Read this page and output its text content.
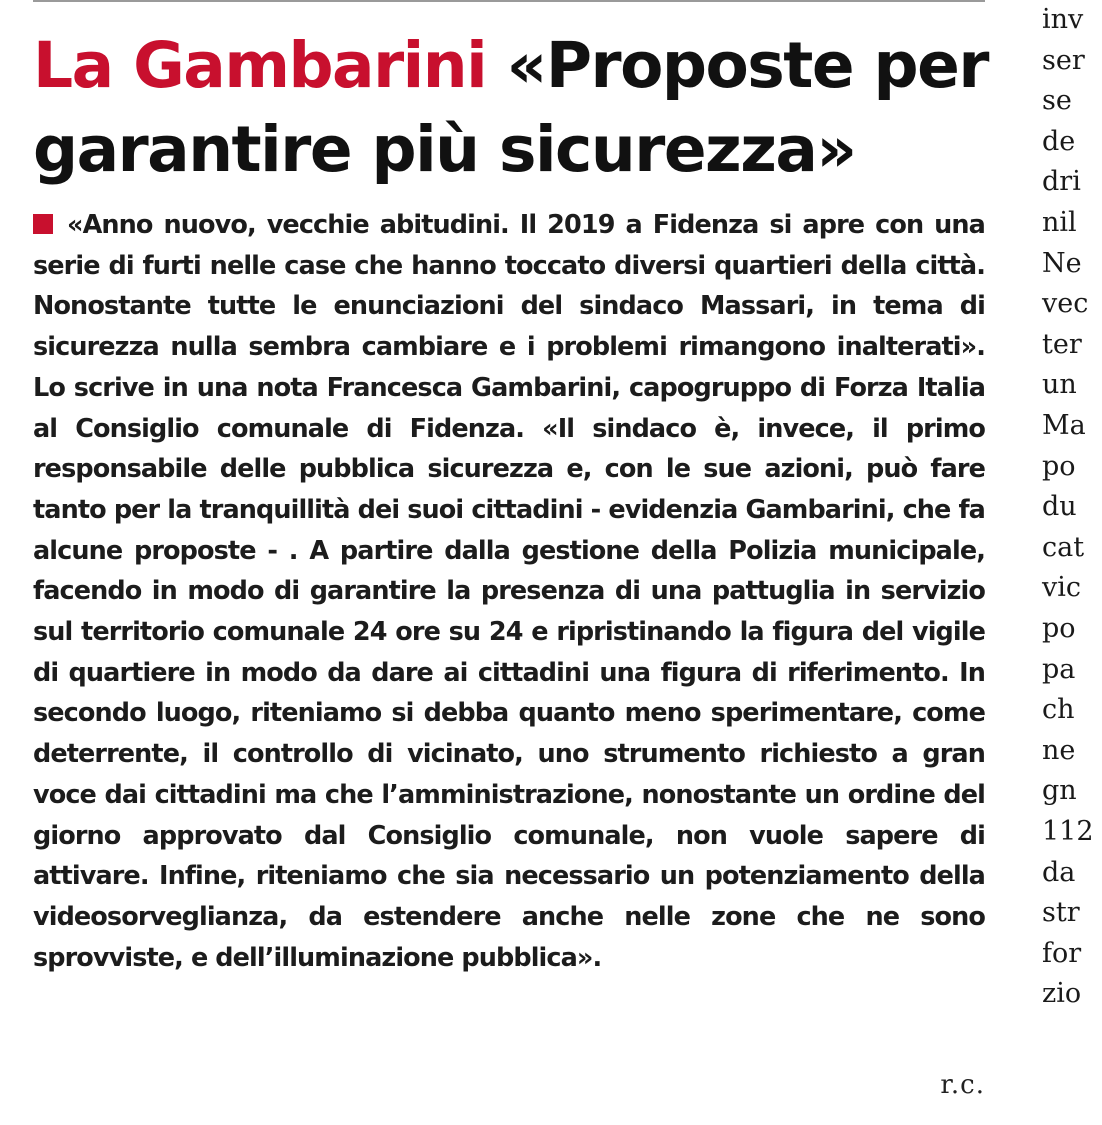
La Gambarini «Proposte per garantire più sicurezza»

«Anno nuovo, vecchie abitudini. Il 2019 a Fidenza si apre con una serie di furti nelle case che hanno toccato diversi quartieri della città. Nonostante tutte le enunciazioni del sindaco Massari, in tema di sicurezza nulla sembra cambiare e i problemi rimangono inalterati». Lo scrive in una nota Francesca Gambarini, capogruppo di Forza Italia al Consiglio comunale di Fidenza. «Il sindaco è, invece, il primo responsabile delle pubblica sicurezza e, con le sue azioni, può fare tanto per la tranquillità dei suoi cittadini - evidenzia Gambarini, che fa alcune proposte - . A partire dalla gestione della Polizia municipale, facendo in modo di garantire la presenza di una pattuglia in servizio sul territorio comunale 24 ore su 24 e ripristinando la figura del vigile di quartiere in modo da dare ai cittadini una figura di riferimento. In secondo luogo, riteniamo si debba quanto meno sperimentare, come deterrente, il controllo di vicinato, uno strumento richiesto a gran voce dai cittadini ma che l’amministrazione, nonostante un ordine del giorno approvato dal Consiglio comunale, non vuole sapere di attivare. Infine, riteniamo che sia necessario un potenziamento della videosorveglianza, da estendere anche nelle zone che ne sono sprovviste, e dell’illuminazione pubblica».

r.c.
inv
ser
se
de
dri
nil
Ne
vec
ter
un
Ma
po
du
cat
vic
po
pa
ch
ne
gn
112
da
str
for
zio
